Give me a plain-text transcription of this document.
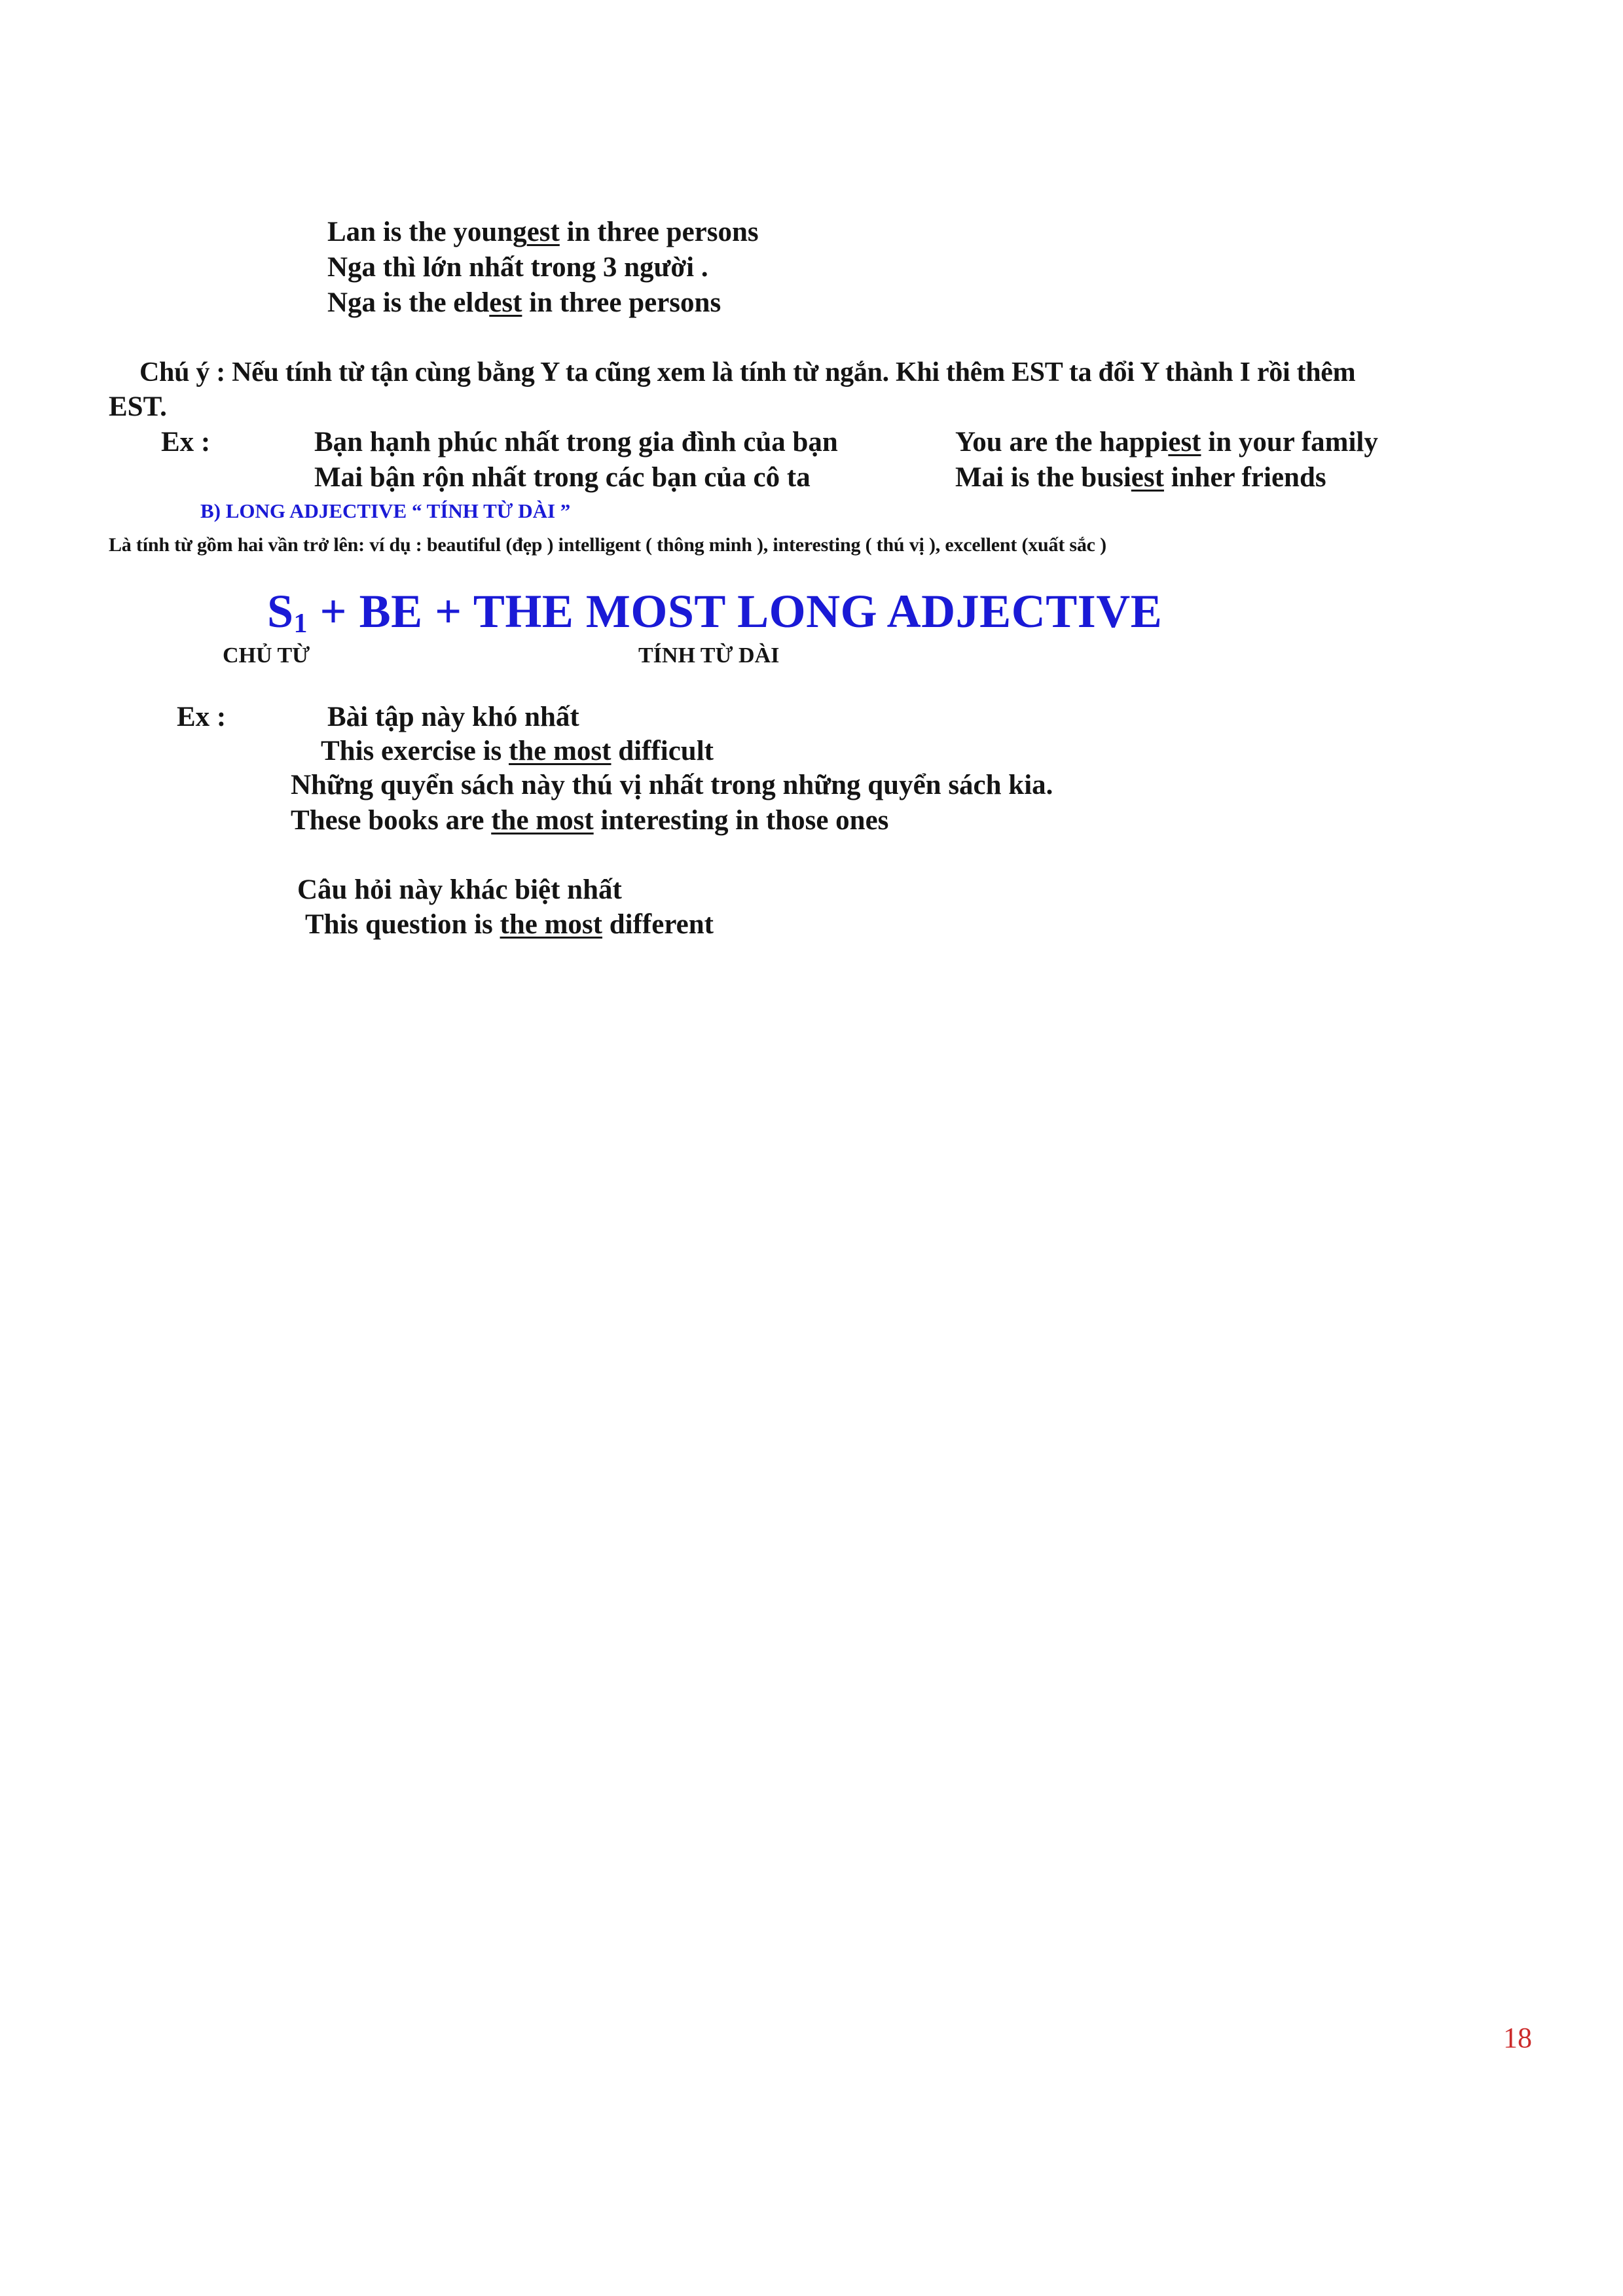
Lan is the youngest in three persons
Nga thì lớn nhất trong 3 người .
Nga is the eldest in three persons
Chú ý : Nếu tính từ tận cùng bằng Y ta cũng xem là tính từ ngắn. Khi thêm EST ta đổi Y thành I rồi thêm
EST.
Ex :	Bạn hạnh phúc nhất trong gia đình của bạn	You are the happiest in your family
Mai bận rộn nhất trong các bạn của cô ta	Mai is the busiest inher friends
B) LONG ADJECTIVE “ TÍNH TỪ DÀI ”
Là tính từ gồm hai vần trở lên: ví dụ : beautiful (đẹp ) intelligent ( thông minh ), interesting ( thú vị ), excellent (xuất sắc )
$S_1$ + BE + THE MOST LONG ADJECTIVE
CHỦ TỪ	TÍNH TỪ DÀI
Ex :	Bài tập này khó nhất
This exercise is the most difficult
Những quyển sách này thú vị nhất trong những quyển sách kia.
These books are the most interesting in those ones
Câu hỏi này khác biệt nhất
This question is the most different
18
